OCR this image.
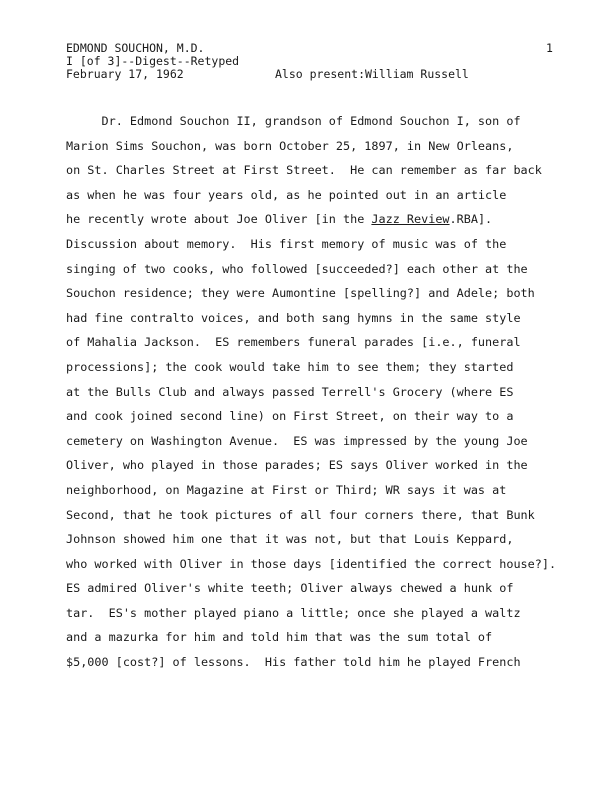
EDMOND SOUCHON, M.D.
I [of 3]--Digest--Retyped
February 17, 1962
1
Also present:William Russell
Dr. Edmond Souchon II, grandson of Edmond Souchon I, son of
Marion Sims Souchon, was born October 25, 1897, in New Orleans,
on St. Charles Street at First Street.  He can remember as far back
as when he was four years old, as he pointed out in an article
he recently wrote about Joe Oliver [in the Jazz Review.RBA].
Discussion about memory.  His first memory of music was of the
singing of two cooks, who followed [succeeded?] each other at the
Souchon residence; they were Aumontine [spelling?] and Adele; both
had fine contralto voices, and both sang hymns in the same style
of Mahalia Jackson.  ES remembers funeral parades [i.e., funeral
processions]; the cook would take him to see them; they started
at the Bulls Club and always passed Terrell's Grocery (where ES
and cook joined second line) on First Street, on their way to a
cemetery on Washington Avenue.  ES was impressed by the young Joe
Oliver, who played in those parades; ES says Oliver worked in the
neighborhood, on Magazine at First or Third; WR says it was at
Second, that he took pictures of all four corners there, that Bunk
Johnson showed him one that it was not, but that Louis Keppard,
who worked with Oliver in those days [identified the correct house?].
ES admired Oliver's white teeth; Oliver always chewed a hunk of
tar.  ES's mother played piano a little; once she played a waltz
and a mazurka for him and told him that was the sum total of
$5,000 [cost?] of lessons.  His father told him he played French
